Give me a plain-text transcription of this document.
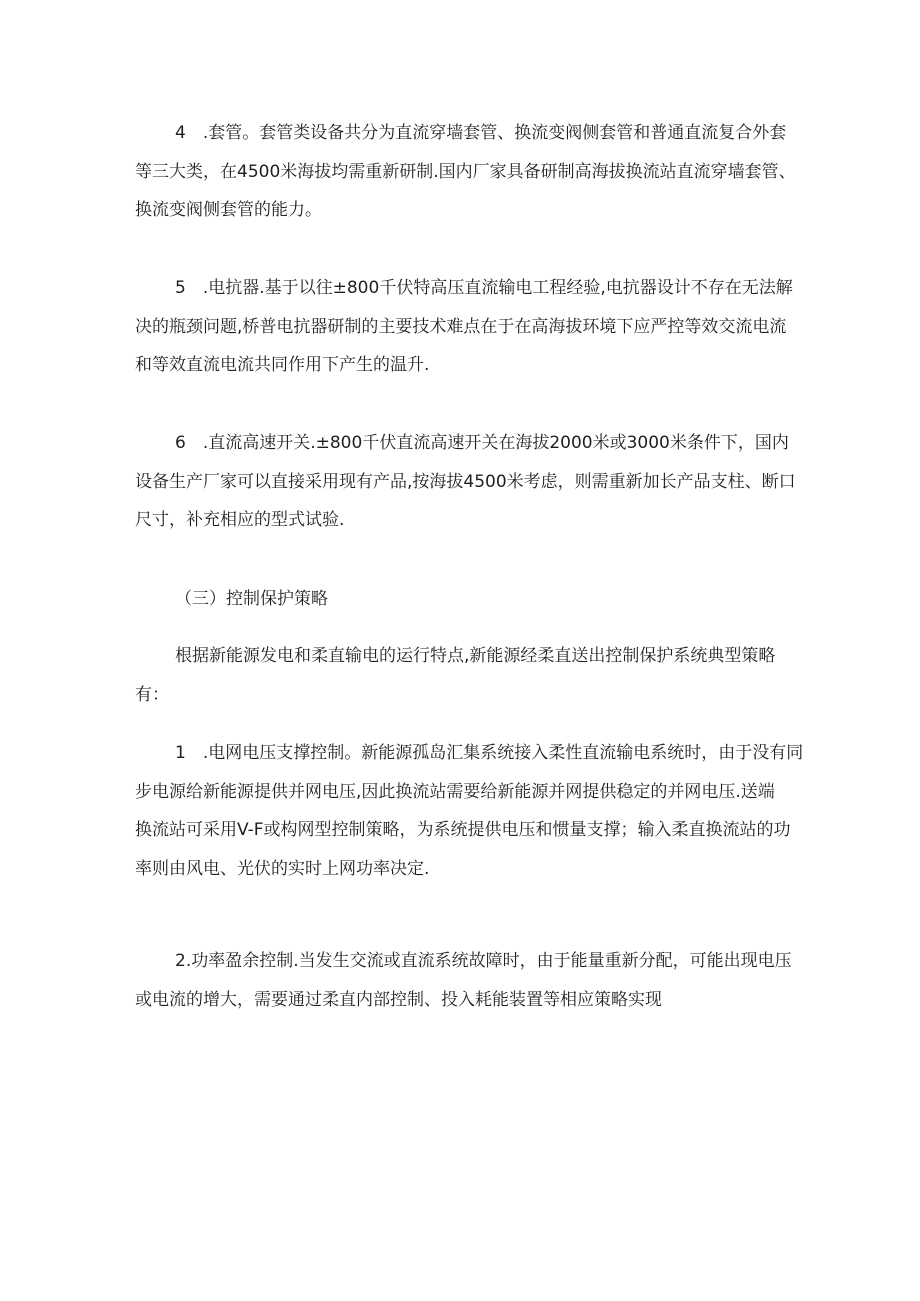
4 .套管。套管类设备共分为直流穿墙套管、换流变阀侧套管和普通直流复合外套
等三大类，在4500米海拔均需重新研制.国内厂家具备研制高海拔换流站直流穿墙套管、
换流变阀侧套管的能力。

5 .电抗器.基于以往±800千伏特高压直流输电工程经验,电抗器设计不存在无法解
决的瓶颈问题,桥普电抗器研制的主要技术难点在于在高海拔环境下应严控等效交流电流
和等效直流电流共同作用下产生的温升.

6 .直流高速开关.±800千伏直流高速开关在海拔2000米或3000米条件下，国内
设备生产厂家可以直接采用现有产品,按海拔4500米考虑，则需重新加长产品支柱、断口
尺寸，补充相应的型式试验.

（三）控制保护策略

根据新能源发电和柔直输电的运行特点,新能源经柔直送出控制保护系统典型策略
有：

1 .电网电压支撑控制。新能源孤岛汇集系统接入柔性直流输电系统时，由于没有同
步电源给新能源提供并网电压,因此换流站需要给新能源并网提供稳定的并网电压.送端
换流站可采用V-F或构网型控制策略，为系统提供电压和惯量支撑；输入柔直换流站的功
率则由风电、光伏的实时上网功率决定.

2.功率盈余控制.当发生交流或直流系统故障时，由于能量重新分配，可能出现电压
或电流的增大，需要通过柔直内部控制、投入耗能装置等相应策略实现
